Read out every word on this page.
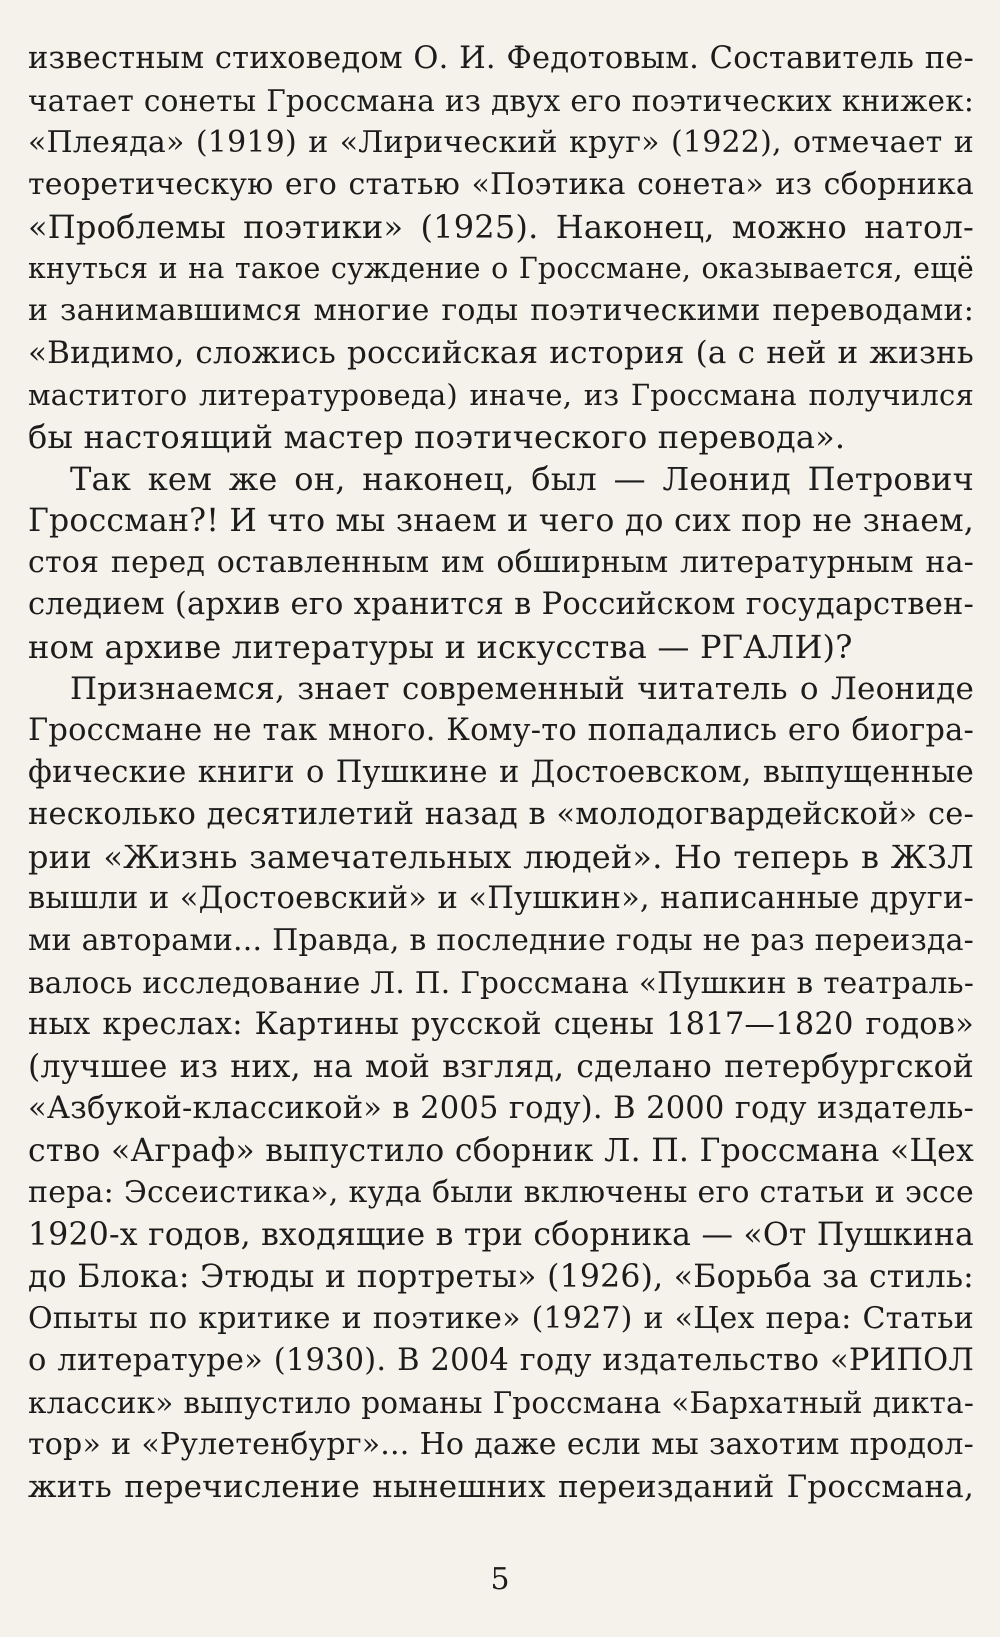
известным стиховедом О. И. Федотовым. Составитель пе-
чатает сонеты Гроссмана из двух его поэтических книжек:
«Плеяда» (1919) и «Лирический круг» (1922), отмечает и
теоретическую его статью «Поэтика сонета» из сборника
«Проблемы поэтики» (1925). Наконец, можно натол-
кнуться и на такое суждение о Гроссмане, оказывается, ещё
и занимавшимся многие годы поэтическими переводами:
«Видимо, сложись российская история (а с ней и жизнь
маститого литературоведа) иначе, из Гроссмана получился
бы настоящий мастер поэтического перевода».
Так кем же он, наконец, был — Леонид Петрович
Гроссман?! И что мы знаем и чего до сих пор не знаем,
стоя перед оставленным им обширным литературным на-
следием (архив его хранится в Российском государствен-
ном архиве литературы и искусства — РГАЛИ)?
Признаемся, знает современный читатель о Леониде
Гроссмане не так много. Кому-то попадались его биогра-
фические книги о Пушкине и Достоевском, выпущенные
несколько десятилетий назад в «молодогвардейской» се-
рии «Жизнь замечательных людей». Но теперь в ЖЗЛ
вышли и «Достоевский» и «Пушкин», написанные други-
ми авторами... Правда, в последние годы не раз переизда-
валось исследование Л. П. Гроссмана «Пушкин в театраль-
ных креслах: Картины русской сцены 1817—1820 годов»
(лучшее из них, на мой взгляд, сделано петербургской
«Азбукой-классикой» в 2005 году). В 2000 году издатель-
ство «Аграф» выпустило сборник Л. П. Гроссмана «Цех
пера: Эссеистика», куда были включены его статьи и эссе
1920-х годов, входящие в три сборника — «От Пушкина
до Блока: Этюды и портреты» (1926), «Борьба за стиль:
Опыты по критике и поэтике» (1927) и «Цех пера: Статьи
о литературе» (1930). В 2004 году издательство «РИПОЛ
классик» выпустило романы Гроссмана «Бархатный дикта-
тор» и «Рулетенбург»... Но даже если мы захотим продол-
жить перечисление нынешних переизданий Гроссмана,
5
